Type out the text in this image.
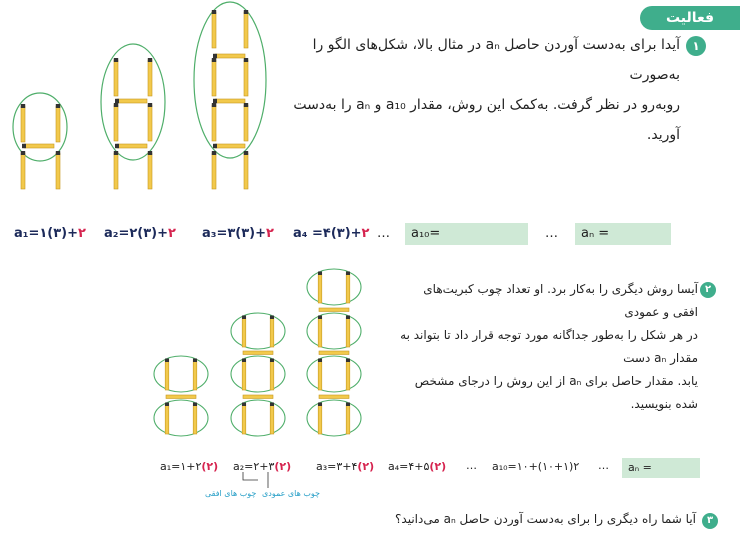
فعالیت
۱
آیدا برای به‌دست آوردن حاصل aₙ در مثال بالا، شکل‌های الگو را به‌صورت
روبه‌رو در نظر گرفت. به‌کمک این روش، مقدار a₁₀ و aₙ را به‌دست آورید.
a₁=۱(۳)+۲ a₂=۲(۳)+۲ a₃=۳(۳)+۲ a₄ =۴(۳)+۲ …	a₁₀=	…	aₙ =
۲
آیسا روش دیگری را به‌کار برد. او تعداد چوب کبریت‌های افقی و عمودی
در هر شکل را به‌طور جداگانه مورد توجه قرار داد تا بتواند به مقدار aₙ دست
یابد. مقدار حاصل برای aₙ از این روش را درجای مشخص شده بنویسید.
a₁=۱+۲(۲) a₂=۲+۳(۲) a₃=۳+۴(۲) a₄=۴+۵(۲) … a₁₀=۱۰+(۱۰+۱)۲ …	aₙ =
چوب های افقی چوب های عمودی
۳
آیا شما راه دیگری را برای به‌دست آوردن حاصل aₙ می‌دانید؟
